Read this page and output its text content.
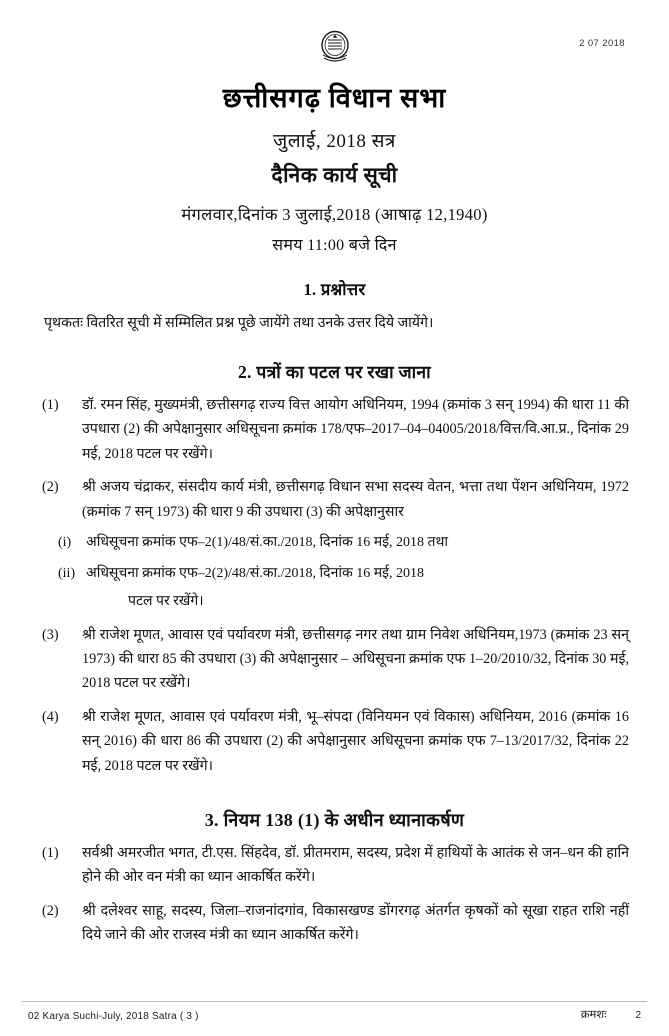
2 07 2018
छत्तीसगढ़ विधान सभा
जुलाई, 2018 सत्र
दैनिक कार्य सूची
मंगलवार,दिनांक 3 जुलाई,2018 (आषाढ़ 12,1940)
समय 11:00 बजे दिन
1. प्रश्नोत्तर
पृथकतः वितरित सूची में सम्मिलित प्रश्न पूछे जायेंगे तथा उनके उत्तर दिये जायेंगे।
2. पत्रों का पटल पर रखा जाना
(1)	डॉ. रमन सिंह, मुख्यमंत्री, छत्तीसगढ़ राज्य वित्त आयोग अधिनियम, 1994 (क्रमांक 3 सन् 1994) की धारा 11 की उपधारा (2) की अपेक्षानुसार अधिसूचना क्रमांक 178/एफ–2017–04–04005/2018/वित्त/वि.आ.प्र., दिनांक 29 मई, 2018 पटल पर रखेंगे।
(2)	श्री अजय चंद्राकर, संसदीय कार्य मंत्री, छत्तीसगढ़ विधान सभा सदस्य वेतन, भत्ता तथा पेंशन अधिनियम, 1972 (क्रमांक 7 सन् 1973) की धारा 9 की उपधारा (3) की अपेक्षानुसार
(i)	अधिसूचना क्रमांक एफ–2(1)/48/सं.का./2018, दिनांक 16 मई, 2018 तथा
(ii) अधिसूचना क्रमांक एफ–2(2)/48/सं.का./2018, दिनांक 16 मई, 2018
पटल पर रखेंगे।
(3)	श्री राजेश मूणत, आवास एवं पर्यावरण मंत्री, छत्तीसगढ़ नगर तथा ग्राम निवेश अधिनियम,1973 (क्रमांक 23 सन् 1973) की धारा 85 की उपधारा (3) की अपेक्षानुसार – अधिसूचना क्रमांक एफ 1–20/2010/32, दिनांक 30 मई, 2018 पटल पर रखेंगे।
(4)	श्री राजेश मूणत, आवास एवं पर्यावरण मंत्री, भू–संपदा (विनियमन एवं विकास) अधिनियम, 2016 (क्रमांक 16 सन् 2016) की धारा 86 की उपधारा (2) की अपेक्षानुसार अधिसूचना क्रमांक एफ 7–13/2017/32, दिनांक 22 मई, 2018 पटल पर रखेंगे।
3. नियम 138 (1) के अधीन ध्यानाकर्षण
(1)	सर्वश्री अमरजीत भगत, टी.एस. सिंहदेव, डॉ. प्रीतमराम, सदस्य, प्रदेश में हाथियों के आतंक से जन–धन की हानि होने की ओर वन मंत्री का ध्यान आकर्षित करेंगे।
(2)	श्री दलेश्वर साहू, सदस्य, जिला–राजनांदगांव, विकासखण्ड डोंगरगढ़ अंतर्गत कृषकों को सूखा राहत राशि नहीं दिये जाने की ओर राजस्व मंत्री का ध्यान आकर्षित करेंगे।
02 Karya Suchi-July, 2018 Satra ( 3 )	क्रमशः	2
